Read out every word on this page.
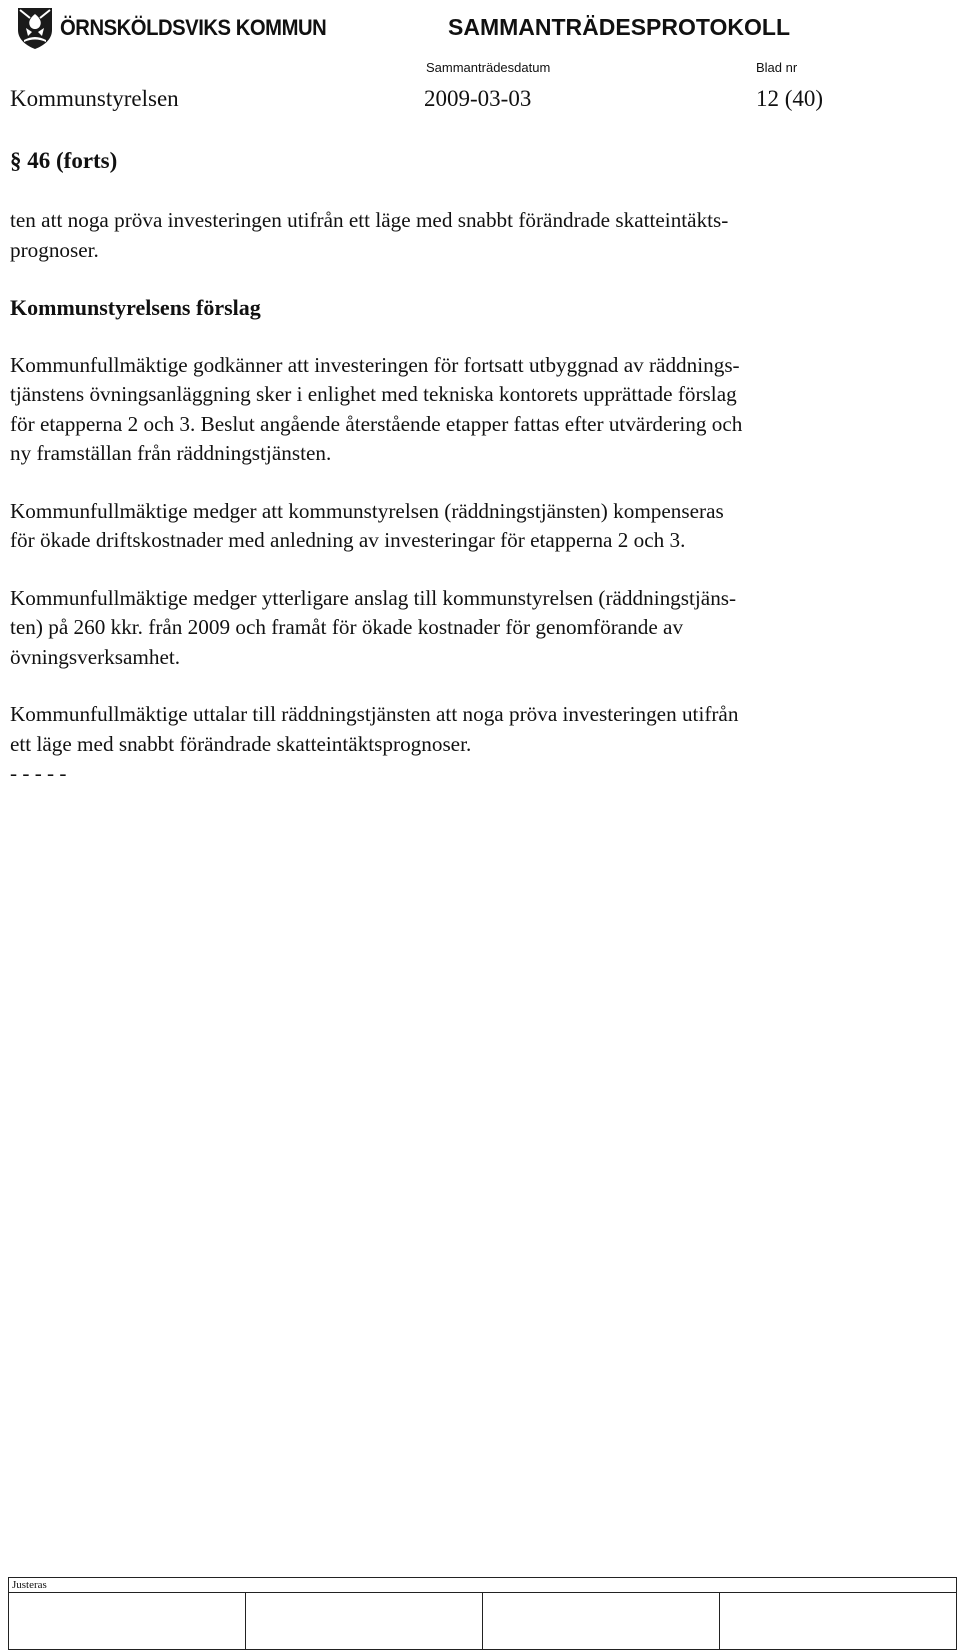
ÖRNSKÖLDSVIKS KOMMUN	SAMMANTRÄDESPROTOKOLL
Sammanträdesdatum	Blad nr
Kommunstyrelsen	2009-03-03	12 (40)
§ 46 (forts)

ten att noga pröva investeringen utifrån ett läge med snabbt förändrade skatteintäkts-
prognoser.

Kommunstyrelsens förslag

Kommunfullmäktige godkänner att investeringen för fortsatt utbyggnad av räddnings-
tjänstens övningsanläggning sker i enlighet med tekniska kontorets upprättade förslag
för etapperna 2 och 3. Beslut angående återstående etapper fattas efter utvärdering och
ny framställan från räddningstjänsten.

Kommunfullmäktige medger att kommunstyrelsen (räddningstjänsten) kompenseras
för ökade driftskostnader med anledning av investeringar för etapperna 2 och 3.

Kommunfullmäktige medger ytterligare anslag till kommunstyrelsen (räddningstjäns-
ten) på 260 kkr. från 2009 och framåt för ökade kostnader för genomförande av
övningsverksamhet.

Kommunfullmäktige uttalar till räddningstjänsten att noga pröva investeringen utifrån
ett läge med snabbt förändrade skatteintäktsprognoser.

- - - - -

Justeras
